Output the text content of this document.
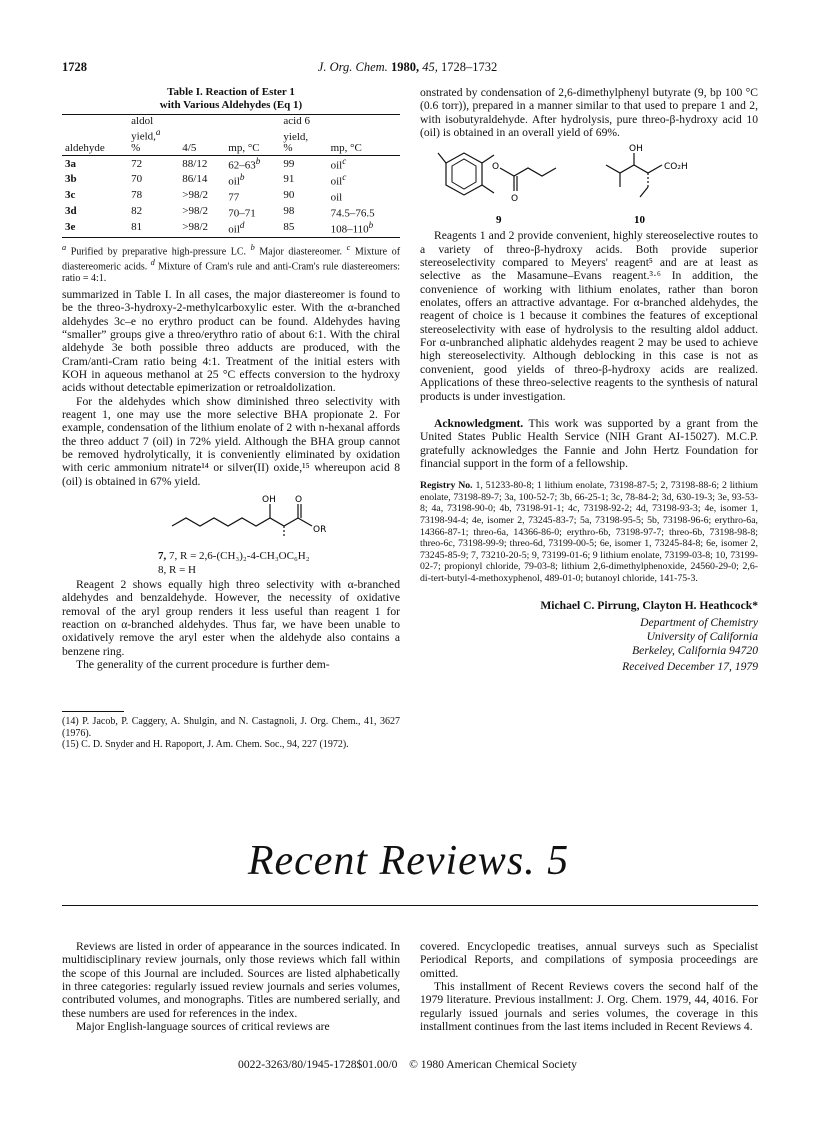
1728	J. Org. Chem. 1980, 45, 1728–1732
Table I. Reaction of Ester 1
with Various Aldehydes (Eq 1)
	aldol			acid 6	
	yield,$^a$			yield,	
aldehyde	%	4/5	mp, °C	%	mp, °C
3a	72	88/12	62–63$^b$	99	oil$^c$
3b	70	86/14	oil$^b$	91	oil$^c$
3c	78	>98/2	77	90	oil
3d	82	>98/2	70–71	98	74.5–76.5
3e	81	>98/2	oil$^d$	85	108–110$^b$
$^a$ Purified by preparative high-pressure LC. $^b$ Major diastereomer. $^c$ Mixture of diastereomeric acids. $^d$ Mixture of Cram's rule and anti-Cram's rule diastereomers: ratio = 4:1.

summarized in Table I. In all cases, the major diastereomer is found to be the threo-3-hydroxy-2-methylcarboxylic ester. With the α-branched aldehydes 3c–e no erythro product can be found. Aldehydes having “smaller” groups give a threo/erythro ratio of about 6:1. With the chiral aldehyde 3e both possible threo adducts are produced, with the Cram/anti-Cram ratio being 4:1. Treatment of the initial esters with KOH in aqueous methanol at 25 °C effects conversion to the hydroxy acids without detectable epimerization or retroaldolization.

For the aldehydes which show diminished threo selectivity with reagent 1, one may use the more selective BHA propionate 2. For example, condensation of the lithium enolate of 2 with n-hexanal affords the threo adduct 7 (oil) in 72% yield. Although the BHA group cannot be removed hydrolytically, it is conveniently eliminated by oxidation with ceric ammonium nitrate¹⁴ or silver(II) oxide,¹⁵ whereupon acid 8 (oil) is obtained in 67% yield.

OH O
OR
7, 7, R = 2,6-(CH₃)₂-4-CH₃OC₆H₂
8, R = H

Reagent 2 shows equally high threo selectivity with α-branched aldehydes and benzaldehyde. However, the necessity of oxidative removal of the aryl group renders it less useful than reagent 1 for reaction on α-branched aldehydes. Thus far, we have been unable to oxidatively remove the aryl ester when the aldehyde also contains a benzene ring.

The generality of the current procedure is further dem-

(14) P. Jacob, P. Caggery, A. Shulgin, and N. Castagnoli, J. Org. Chem., 41, 3627 (1976).
(15) C. D. Snyder and H. Rapoport, J. Am. Chem. Soc., 94, 227 (1972).

onstrated by condensation of 2,6-dimethylphenyl butyrate (9, bp 100 °C (0.6 torr)), prepared in a manner similar to that used to prepare 1 and 2, with isobutyraldehyde. After hydrolysis, pure threo-β-hydroxy acid 10 (oil) is obtained in an overall yield of 69%.

O
O
9
OH
CO₂H
10

Reagents 1 and 2 provide convenient, highly stereoselective routes to a variety of threo-β-hydroxy acids. Both provide superior stereoselectivity compared to Meyers' reagent⁵ and are at least as selective as the Masamune–Evans reagent.³·⁶ In addition, the convenience of working with lithium enolates, rather than boron enolates, offers an attractive advantage. For α-branched aldehydes, the reagent of choice is 1 because it combines the features of exceptional stereoselectivity with ease of hydrolysis to the resulting aldol adduct. For α-unbranched aliphatic aldehydes reagent 2 may be used to achieve high stereoselectivity. Although deblocking in this case is not as convenient, good yields of threo-β-hydroxy acids are realized. Applications of these threo-selective reagents to the synthesis of natural products is under investigation.

Acknowledgment. This work was supported by a grant from the United States Public Health Service (NIH Grant AI-15027). M.C.P. gratefully acknowledges the Fannie and John Hertz Foundation for financial support in the form of a fellowship.

Registry No. 1, 51233-80-8; 1 lithium enolate, 73198-87-5; 2, 73198-88-6; 2 lithium enolate, 73198-89-7; 3a, 100-52-7; 3b, 66-25-1; 3c, 78-84-2; 3d, 630-19-3; 3e, 93-53-8; 4a, 73198-90-0; 4b, 73198-91-1; 4c, 73198-92-2; 4d, 73198-93-3; 4e, isomer 1, 73198-94-4; 4e, isomer 2, 73245-83-7; 5a, 73198-95-5; 5b, 73198-96-6; erythro-6a, 14366-87-1; threo-6a, 14366-86-0; erythro-6b, 73198-97-7; threo-6b, 73198-98-8; threo-6c, 73198-99-9; threo-6d, 73199-00-5; 6e, isomer 1, 73245-84-8; 6e, isomer 2, 73245-85-9; 7, 73210-20-5; 9, 73199-01-6; 9 lithium enolate, 73199-03-8; 10, 73199-02-7; propionyl chloride, 79-03-8; lithium 2,6-dimethylphenoxide, 24560-29-0; 2,6-di-tert-butyl-4-methoxyphenol, 489-01-0; butanoyl chloride, 141-75-3.
Michael C. Pirrung, Clayton H. Heathcock*
Department of Chemistry
University of California
Berkeley, California 94720
Received December 17, 1979
Recent Reviews. 5

Reviews are listed in order of appearance in the sources indicated. In multidisciplinary review journals, only those reviews which fall within the scope of this Journal are included. Sources are listed alphabetically in three categories: regularly issued review journals and series volumes, contributed volumes, and monographs. Titles are numbered serially, and these numbers are used for references in the index.

Major English-language sources of critical reviews are

covered. Encyclopedic treatises, annual surveys such as Specialist Periodical Reports, and compilations of symposia proceedings are omitted.

This installment of Recent Reviews covers the second half of the 1979 literature. Previous installment: J. Org. Chem. 1979, 44, 4016. For regularly issued journals and series volumes, the coverage in this installment continues from the last items included in Recent Reviews 4.

0022-3263/80/1945-1728$01.00/0 © 1980 American Chemical Society
